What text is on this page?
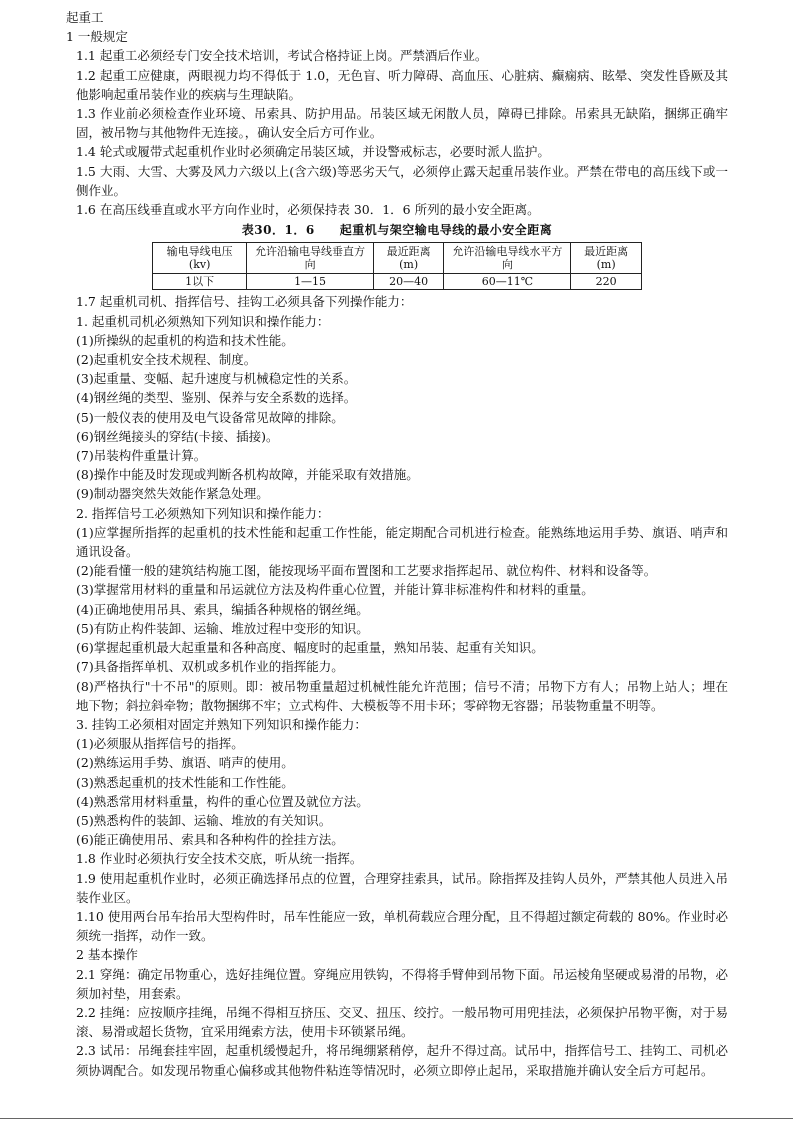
起重工

1 一般规定

1.1 起重工必须经专门安全技术培训，考试合格持证上岗。严禁酒后作业。

1.2 起重工应健康，两眼视力均不得低于 1.0，无色盲、听力障碍、高血压、心脏病、癫痫病、眩晕、突发性昏厥及其他影响起重吊装作业的疾病与生理缺陷。

1.3 作业前必须检查作业环境、吊索具、防护用品。吊装区域无闲散人员，障碍已排除。吊索具无缺陷，捆绑正确牢固，被吊物与其他物件无连接。，确认安全后方可作业。

1.4 轮式或履带式起重机作业时必须确定吊装区域，并设警戒标志，必要时派人监护。

1.5 大雨、大雪、大雾及风力六级以上(含六级)等恶劣天气，必须停止露天起重吊装作业。严禁在带电的高压线下或一侧作业。

1.6 在高压线垂直或水平方向作业时，必须保持表 30．1．6 所列的最小安全距离。

表30．1．6　　起重机与架空输电导线的最小安全距离

输电导线电压(kv)	允许沿输电导线垂直方向	最近距离(m)	允许沿输电导线水平方向	最近距离(m)
1以下	1—15	20—40	60—11℃	220

1.7 起重机司机、指挥信号、挂钩工必须具备下列操作能力：

1. 起重机司机必须熟知下列知识和操作能力：

(1)所操纵的起重机的构造和技术性能。

(2)起重机安全技术规程、制度。

(3)起重量、变幅、起升速度与机械稳定性的关系。

(4)钢丝绳的类型、鉴别、保养与安全系数的选择。

(5)一般仪表的使用及电气设备常见故障的排除。

(6)钢丝绳接头的穿结(卡接、插接)。

(7)吊装构件重量计算。

(8)操作中能及时发现或判断各机构故障，并能采取有效措施。

(9)制动器突然失效能作紧急处理。

2. 指挥信号工必须熟知下列知识和操作能力：

(1)应掌握所指挥的起重机的技术性能和起重工作性能，能定期配合司机进行检查。能熟练地运用手势、旗语、哨声和通讯设备。

(2)能看懂一般的建筑结构施工图，能按现场平面布置图和工艺要求指挥起吊、就位构件、材料和设备等。

(3)掌握常用材料的重量和吊运就位方法及构件重心位置，并能计算非标准构件和材料的重量。

(4)正确地使用吊具、索具，编插各种规格的钢丝绳。

(5)有防止构件装卸、运输、堆放过程中变形的知识。

(6)掌握起重机最大起重量和各种高度、幅度时的起重量，熟知吊装、起重有关知识。

(7)具备指挥单机、双机或多机作业的指挥能力。

(8)严格执行"十不吊"的原则。即：被吊物重量超过机械性能允许范围；信号不清；吊物下方有人；吊物上站人；埋在地下物；斜拉斜牵物；散物捆绑不牢；立式构件、大模板等不用卡环；零碎物无容器；吊装物重量不明等。

3. 挂钩工必须相对固定并熟知下列知识和操作能力：

(1)必须服从指挥信号的指挥。

(2)熟练运用手势、旗语、哨声的使用。

(3)熟悉起重机的技术性能和工作性能。

(4)熟悉常用材料重量，构件的重心位置及就位方法。

(5)熟悉构件的装卸、运输、堆放的有关知识。

(6)能正确使用吊、索具和各种构件的拴挂方法。

1.8 作业时必须执行安全技术交底，听从统一指挥。

1.9 使用起重机作业时，必须正确选择吊点的位置，合理穿挂索具，试吊。除指挥及挂钩人员外，严禁其他人员进入吊装作业区。

1.10 使用两台吊车抬吊大型构件时，吊车性能应一致，单机荷载应合理分配，且不得超过额定荷载的 80%。作业时必须统一指挥，动作一致。

2 基本操作

2.1 穿绳：确定吊物重心，选好挂绳位置。穿绳应用铁钩，不得将手臂伸到吊物下面。吊运棱角坚硬或易滑的吊物，必须加衬垫，用套索。

2.2 挂绳：应按顺序挂绳，吊绳不得相互挤压、交叉、扭压、绞拧。一般吊物可用兜挂法，必须保护吊物平衡，对于易滚、易滑或超长货物，宜采用绳索方法，使用卡环锁紧吊绳。

2.3 试吊：吊绳套挂牢固，起重机缓慢起升，将吊绳绷紧稍停，起升不得过高。试吊中，指挥信号工、挂钩工、司机必须协调配合。如发现吊物重心偏移或其他物件粘连等情况时，必须立即停止起吊，采取措施并确认安全后方可起吊。
